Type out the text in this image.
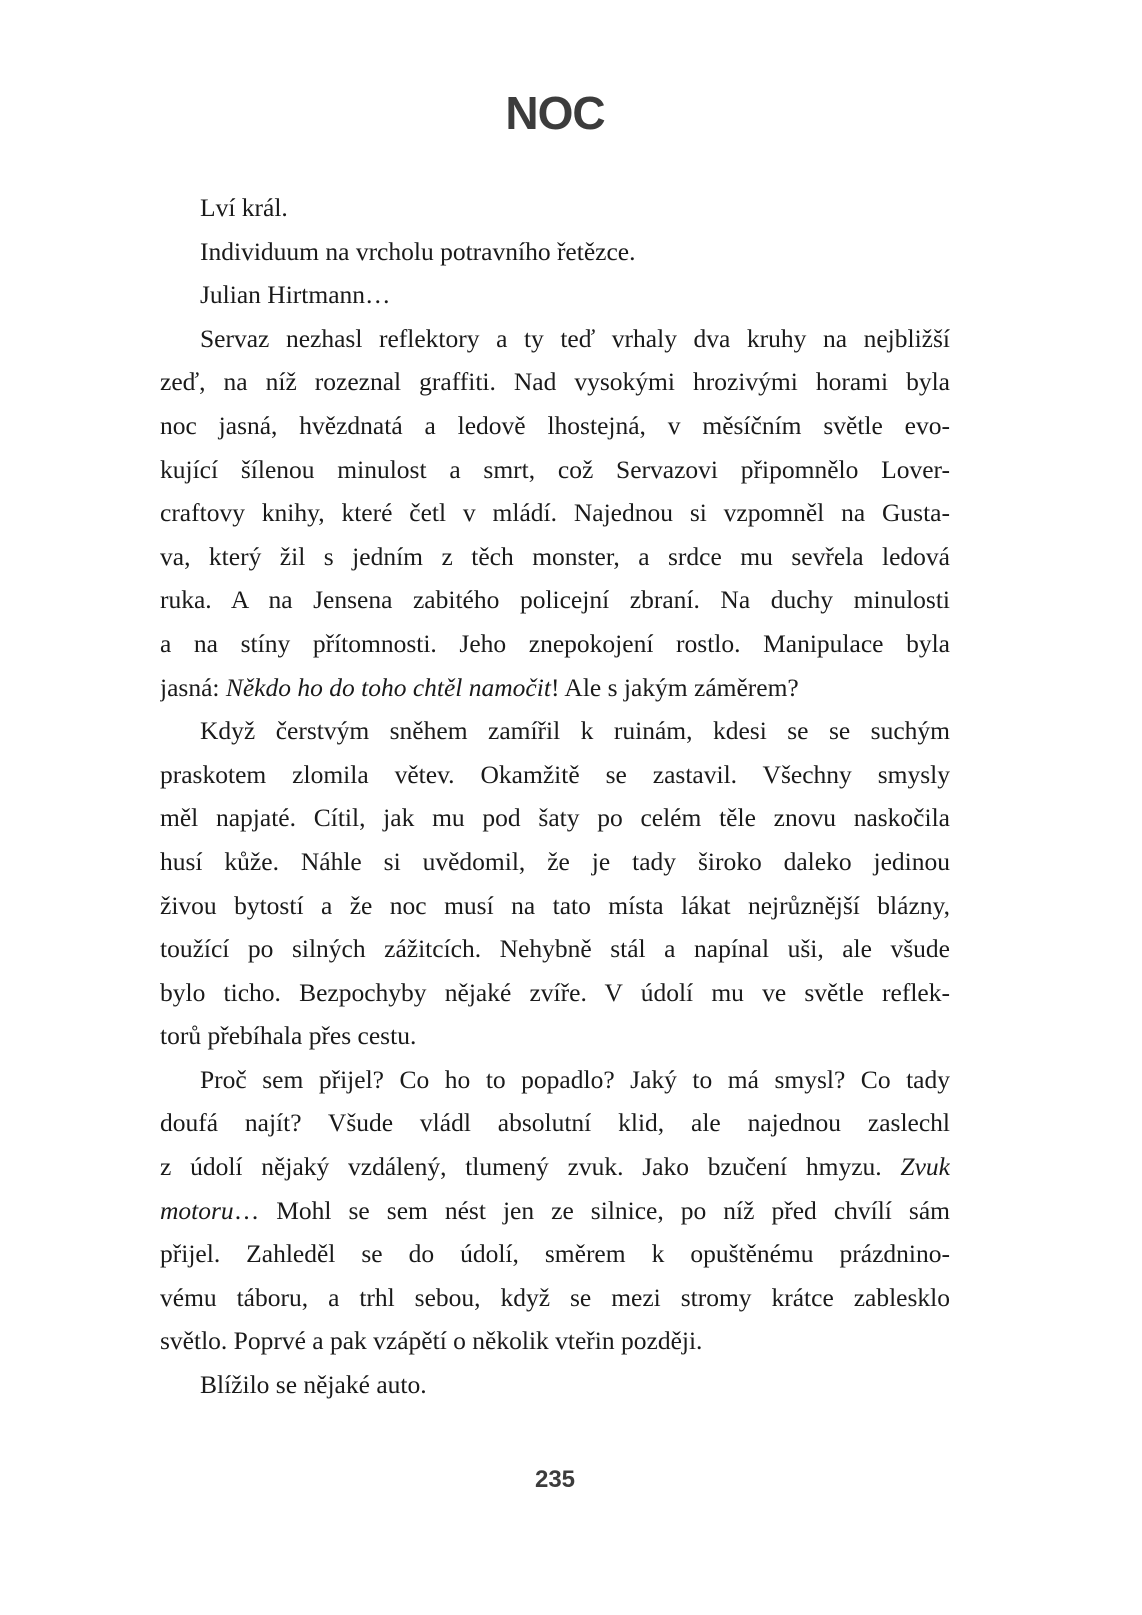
NOC
Lví král.
Individuum na vrcholu potravního řetězce.
Julian Hirtmann…
Servaz nezhasl reflektory a ty teď vrhaly dva kruhy na nejbližší
zeď, na níž rozeznal graffiti. Nad vysokými hrozivými horami byla
noc jasná, hvězdnatá a ledově lhostejná, v měsíčním světle evo-
kující šílenou minulost a smrt, což Servazovi připomnělo Lover-
craftovy knihy, které četl v mládí. Najednou si vzpomněl na Gusta-
va, který žil s jedním z těch monster, a srdce mu sevřela ledová
ruka. A na Jensena zabitého policejní zbraní. Na duchy minulosti
a na stíny přítomnosti. Jeho znepokojení rostlo. Manipulace byla
jasná: Někdo ho do toho chtěl namočit! Ale s jakým záměrem?
Když čerstvým sněhem zamířil k ruinám, kdesi se se suchým
praskotem zlomila větev. Okamžitě se zastavil. Všechny smysly
měl napjaté. Cítil, jak mu pod šaty po celém těle znovu naskočila
husí kůže. Náhle si uvědomil, že je tady široko daleko jedinou
živou bytostí a že noc musí na tato místa lákat nejrůznější blázny,
toužící po silných zážitcích. Nehybně stál a napínal uši, ale všude
bylo ticho. Bezpochyby nějaké zvíře. V údolí mu ve světle reflek-
torů přebíhala přes cestu.
Proč sem přijel? Co ho to popadlo? Jaký to má smysl? Co tady
doufá najít? Všude vládl absolutní klid, ale najednou zaslechl
z údolí nějaký vzdálený, tlumený zvuk. Jako bzučení hmyzu. Zvuk
motoru… Mohl se sem nést jen ze silnice, po níž před chvílí sám
přijel. Zahleděl se do údolí, směrem k opuštěnému prázdnino-
vému táboru, a trhl sebou, když se mezi stromy krátce zablesklo
světlo. Poprvé a pak vzápětí o několik vteřin později.
Blížilo se nějaké auto.
235
